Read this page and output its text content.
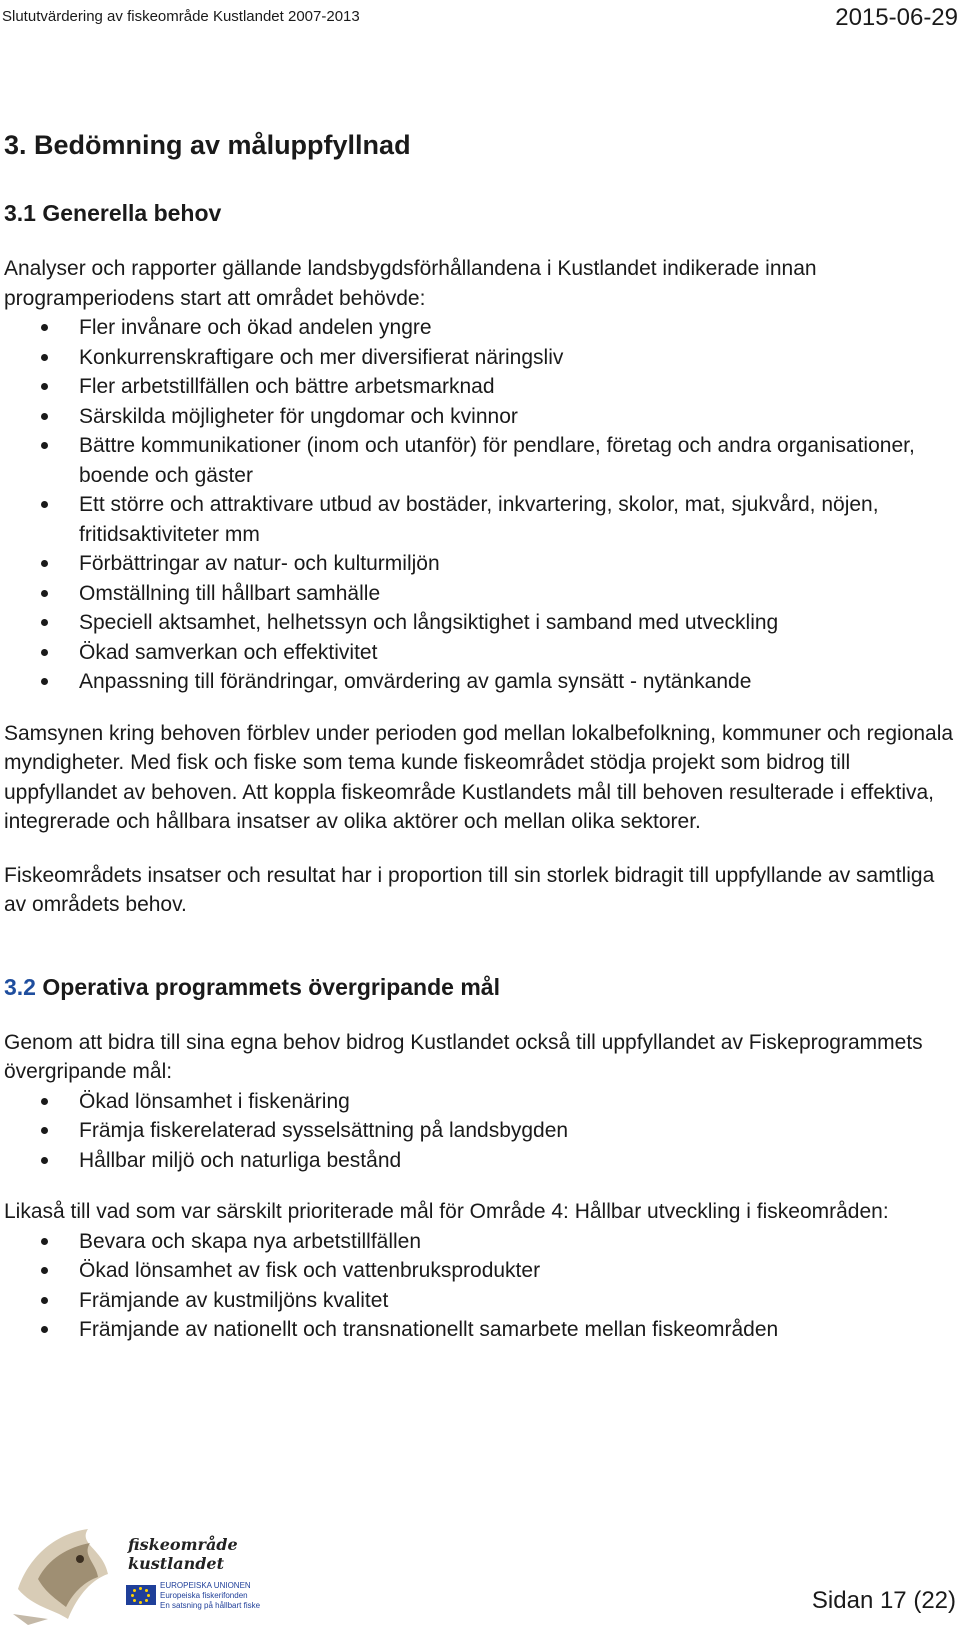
Slututvärdering av fiskeområde Kustlandet 2007-2013	2015-06-29
3. Bedömning av måluppfyllnad
3.1 Generella behov

Analyser och rapporter gällande landsbygdsförhållandena i Kustlandet indikerade innan programperiodens start att området behövde:

Fler invånare och ökad andelen yngre
Konkurrenskraftigare och mer diversifierat näringsliv
Fler arbetstillfällen och bättre arbetsmarknad
Särskilda möjligheter för ungdomar och kvinnor
Bättre kommunikationer (inom och utanför) för pendlare, företag och andra organisationer, boende och gäster
Ett större och attraktivare utbud av bostäder, inkvartering, skolor, mat, sjukvård, nöjen, fritidsaktiviteter mm
Förbättringar av natur- och kulturmiljön
Omställning till hållbart samhälle
Speciell aktsamhet, helhetssyn och långsiktighet i samband med utveckling
Ökad samverkan och effektivitet
Anpassning till förändringar, omvärdering av gamla synsätt - nytänkande

Samsynen kring behoven förblev under perioden god mellan lokalbefolkning, kommuner och regionala myndigheter. Med fisk och fiske som tema kunde fiskeområdet stödja projekt som bidrog till uppfyllandet av behoven. Att koppla fiskeområde Kustlandets mål till behoven resulterade i effektiva, integrerade och hållbara insatser av olika aktörer och mellan olika sektorer.

Fiskeområdets insatser och resultat har i proportion till sin storlek bidragit till uppfyllande av samtliga av områdets behov.

3.2 Operativa programmets övergripande mål

Genom att bidra till sina egna behov bidrog Kustlandet också till uppfyllandet av Fiskeprogrammets övergripande mål:

Ökad lönsamhet i fiskenäring
Främja fiskerelaterad sysselsättning på landsbygden
Hållbar miljö och naturliga bestånd

Likaså till vad som var särskilt prioriterade mål för Område 4: Hållbar utveckling i fiskeområden:

Bevara och skapa nya arbetstillfällen
Ökad lönsamhet av fisk och vattenbruksprodukter
Främjande av kustmiljöns kvalitet
Främjande av nationellt och transnationellt samarbete mellan fiskeområden
fiskeområde kustlandet
EUROPEISKA UNIONEN
Europeiska fiskerifonden
En satsning på hållbart fiske	Sidan 17 (22)
